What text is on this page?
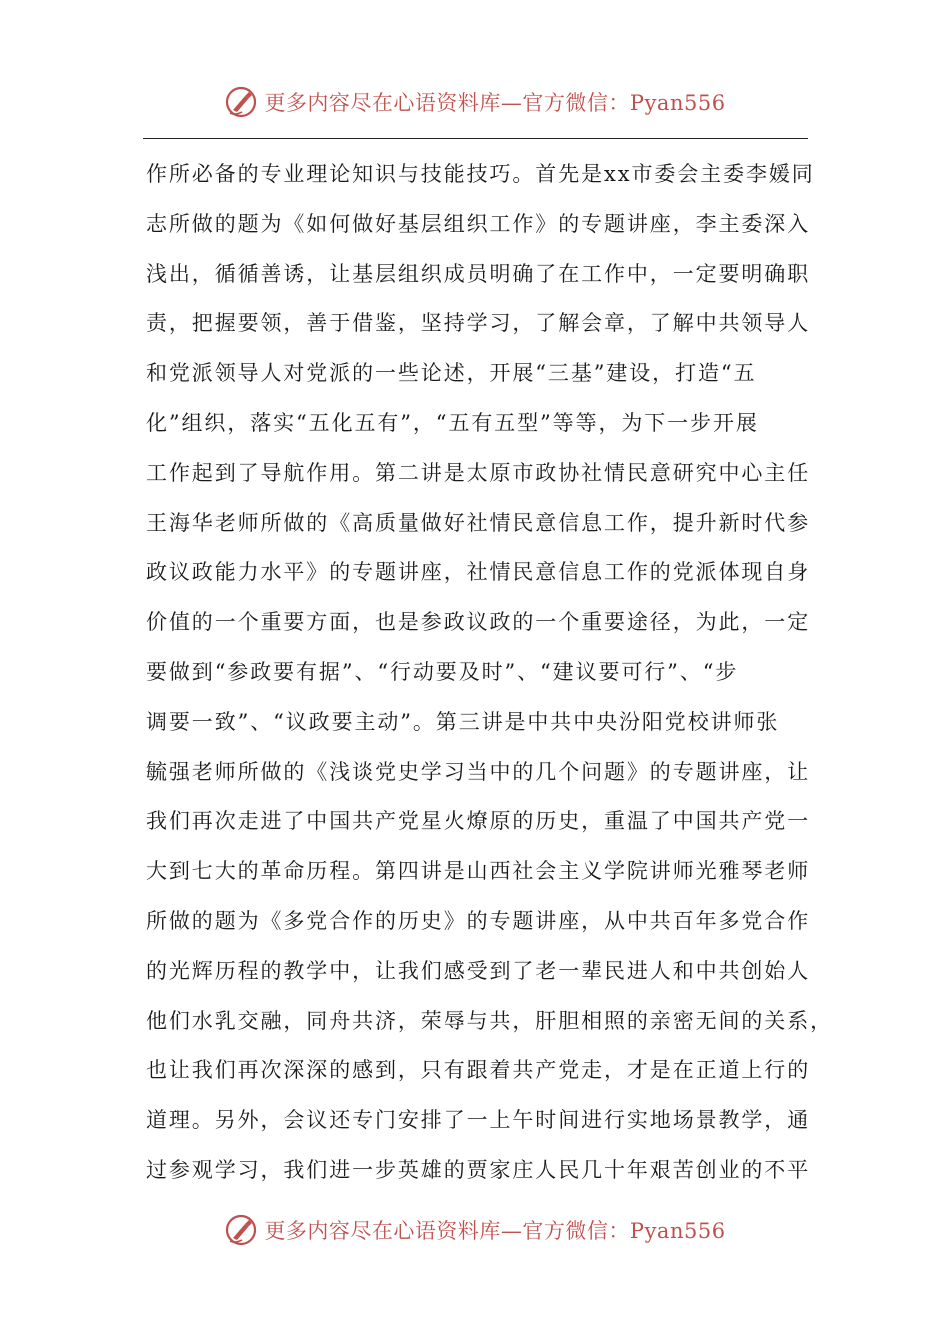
更多内容尽在心语资料库—官方微信：Pyan556
作所必备的专业理论知识与技能技巧。首先是xx市委会主委李媛同
志所做的题为《如何做好基层组织工作》的专题讲座，李主委深入
浅出，循循善诱，让基层组织成员明确了在工作中，一定要明确职
责，把握要领，善于借鉴，坚持学习，了解会章，了解中共领导人
和党派领导人对党派的一些论述，开展“三基”建设，打造“五
化”组织，落实“五化五有”，“五有五型”等等，为下一步开展
工作起到了导航作用。第二讲是太原市政协社情民意研究中心主任
王海华老师所做的《高质量做好社情民意信息工作，提升新时代参
政议政能力水平》的专题讲座，社情民意信息工作的党派体现自身
价值的一个重要方面，也是参政议政的一个重要途径，为此，一定
要做到“参政要有据”、“行动要及时”、“建议要可行”、“步
调要一致”、“议政要主动”。第三讲是中共中央汾阳党校讲师张
毓强老师所做的《浅谈党史学习当中的几个问题》的专题讲座，让
我们再次走进了中国共产党星火燎原的历史，重温了中国共产党一
大到七大的革命历程。第四讲是山西社会主义学院讲师光雅琴老师
所做的题为《多党合作的历史》的专题讲座，从中共百年多党合作
的光辉历程的教学中，让我们感受到了老一辈民进人和中共创始人
他们水乳交融，同舟共济，荣辱与共，肝胆相照的亲密无间的关系，
也让我们再次深深的感到，只有跟着共产党走，才是在正道上行的
道理。另外，会议还专门安排了一上午时间进行实地场景教学，通
过参观学习，我们进一步英雄的贾家庄人民几十年艰苦创业的不平
更多内容尽在心语资料库—官方微信：Pyan556
